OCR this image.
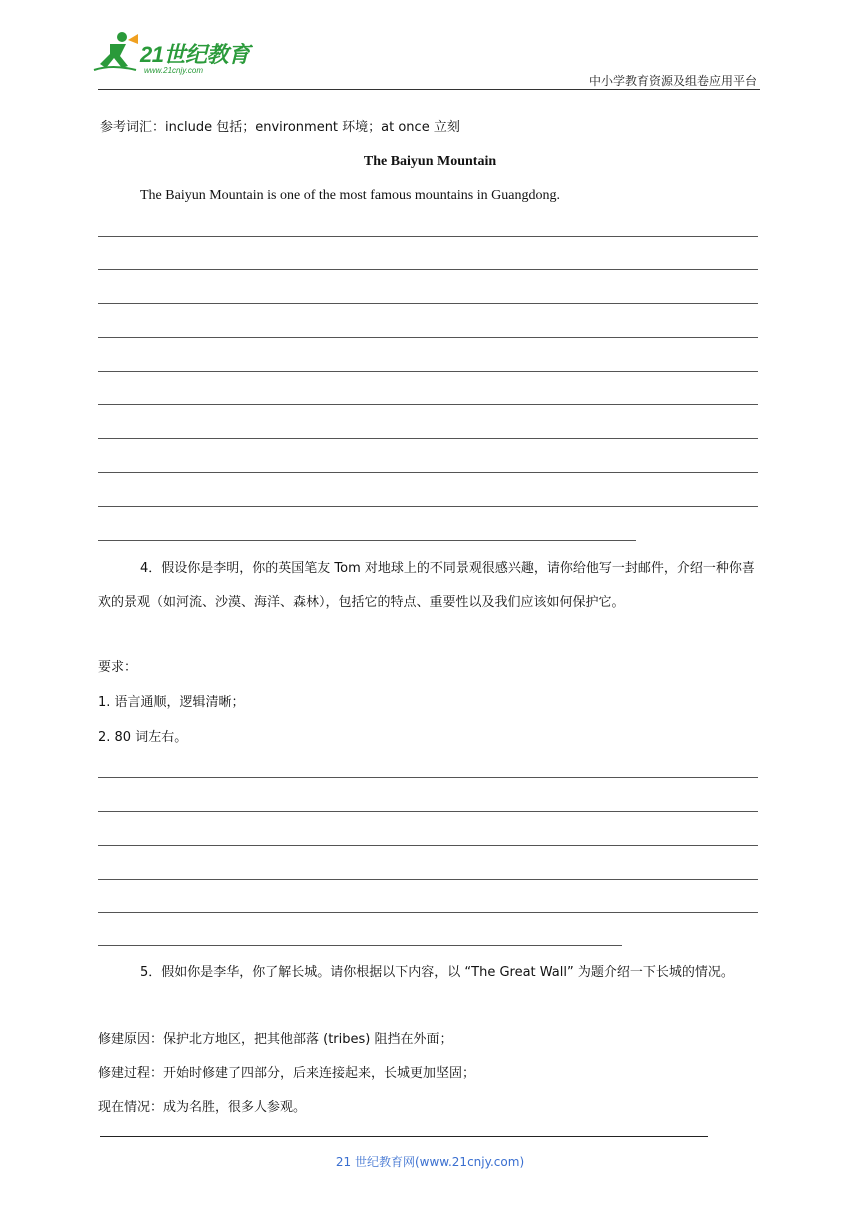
21世纪教育
www.21cnjy.com
中小学教育资源及组卷应用平台
参考词汇：include 包括；environment 环境；at once 立刻
The Baiyun Mountain
The Baiyun Mountain is one of the most famous mountains in Guangdong.
4．假设你是李明，你的英国笔友 Tom 对地球上的不同景观很感兴趣，请你给他写一封邮件，介绍一种你喜欢的景观（如河流、沙漠、海洋、森林），包括它的特点、重要性以及我们应该如何保护它。
要求：
1. 语言通顺，逻辑清晰；
2. 80 词左右。
5．假如你是李华，你了解长城。请你根据以下内容，以 “The Great Wall” 为题介绍一下长城的情况。
修建原因：保护北方地区，把其他部落 (tribes) 阻挡在外面；
修建过程：开始时修建了四部分，后来连接起来，长城更加坚固；
现在情况：成为名胜，很多人参观。
21 世纪教育网(www.21cnjy.com)
